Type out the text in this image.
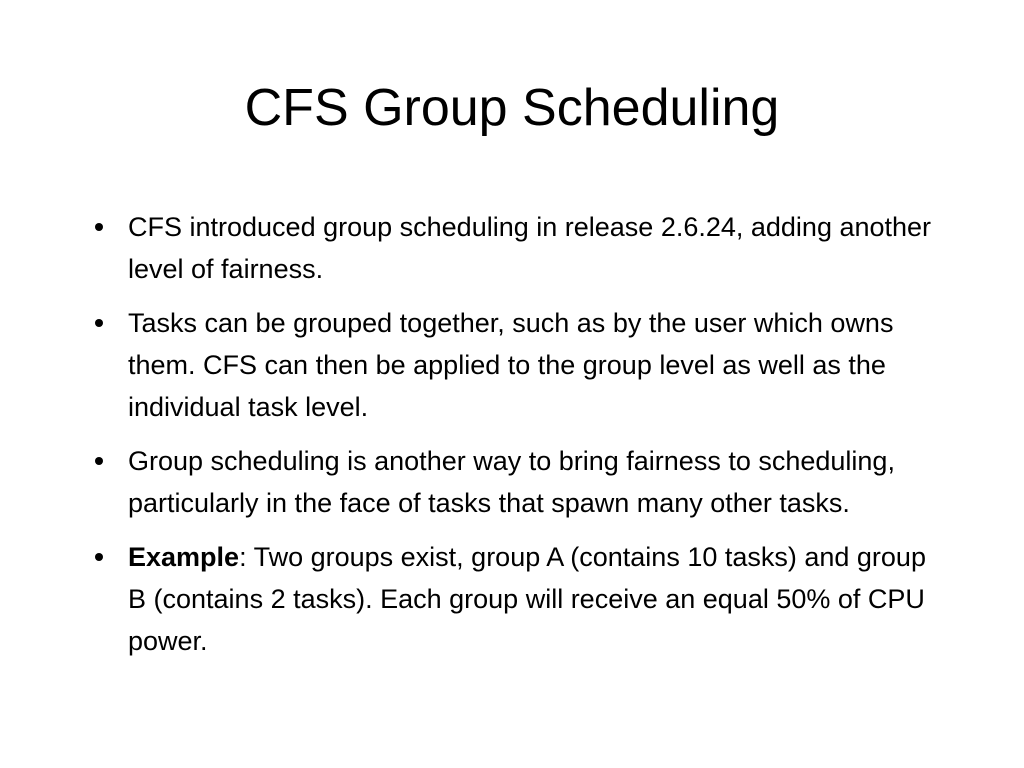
CFS Group Scheduling
CFS introduced group scheduling in release 2.6.24, adding another level of fairness.
Tasks can be grouped together, such as by the user which owns them. CFS can then be applied to the group level as well as the individual task level.
Group scheduling is another way to bring fairness to scheduling, particularly in the face of tasks that spawn many other tasks.
Example: Two groups exist, group A (contains 10 tasks) and group B (contains 2 tasks). Each group will receive an equal 50% of CPU power.
